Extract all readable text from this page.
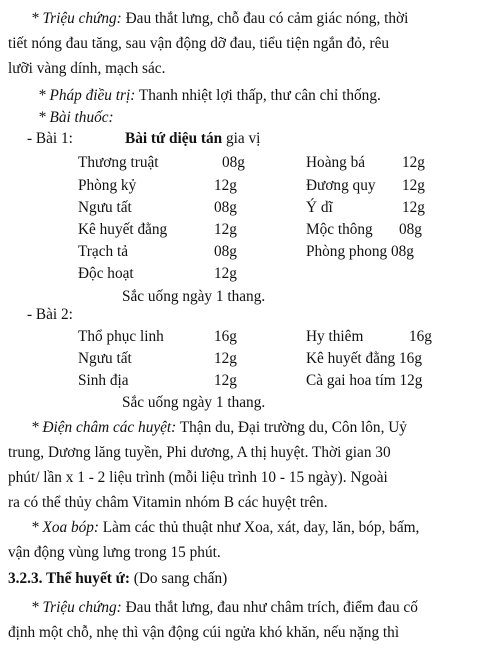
* Triệu chứng: Đau thắt lưng, chỗ đau có cảm giác nóng, thời
tiết nóng đau tăng, sau vận động dỡ đau, tiểu tiện ngắn đỏ, rêu
lưỡi vàng dính, mạch sác.
* Pháp điều trị: Thanh nhiệt lợi thấp, thư cân chỉ thống.
* Bài thuốc:
- Bài 1:	Bài tứ diệu tán gia vị
Thương truật	08g	Hoàng bá 12g
Phòng kỷ	12g	Đương quy 12g
Ngưu tất	08g	Ý dĩ	12g
Kê huyết đằng	12g	Mộc thông 08g
Trạch tả	08g	Phòng phong 08g
Độc hoạt	12g
Sắc uống ngày 1 thang.
- Bài 2:
Thổ phục linh	16g	Hy thiêm	16g
Ngưu tất	12g	Kê huyết đằng 16g
Sinh địa	12g	Cà gai hoa tím 12g
Sắc uống ngày 1 thang.
* Điện châm các huyệt: Thận du, Đại trường du, Côn lôn, Uỷ
trung, Dương lăng tuyền, Phi dương, A thị huyệt. Thời gian 30
phút/ lần x 1 - 2 liệu trình (mỗi liệu trình 10 - 15 ngày). Ngoài
ra có thể thủy châm Vitamin nhóm B các huyệt trên.
* Xoa bóp: Làm các thủ thuật như Xoa, xát, day, lăn, bóp, bấm,
vận động vùng lưng trong 15 phút.
3.2.3. Thể huyết ứ: (Do sang chấn)
* Triệu chứng: Đau thắt lưng, đau như châm trích, điểm đau cố
định một chỗ, nhẹ thì vận động cúi ngửa khó khăn, nếu nặng thì
